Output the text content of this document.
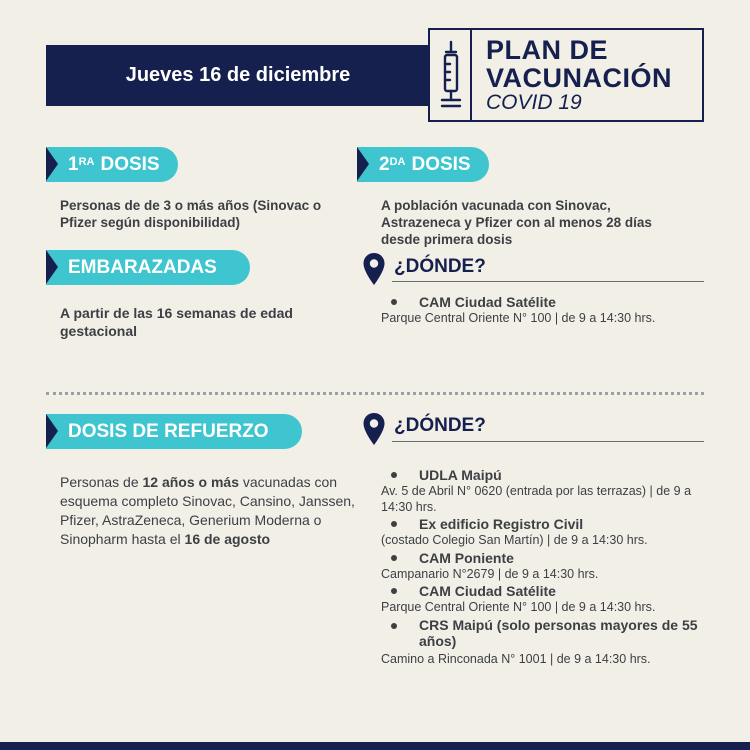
Jueves 16 de diciembre
PLAN DE
VACUNACIÓN
COVID 19
$1^{RA}$ DOSIS
Personas de de 3 o más años (Sinovac o Pfizer según disponibilidad)
$2^{DA}$ DOSIS
A población vacunada con Sinovac, Astrazeneca y Pfizer con al menos 28 días desde primera dosis
EMBARAZADAS
A partir de las 16 semanas de edad gestacional
¿DÓNDE?
CAM Ciudad Satélite
Parque Central Oriente N° 100 | de 9 a 14:30 hrs.
DOSIS DE REFUERZO
Personas de 12 años o más vacunadas con esquema completo Sinovac, Cansino, Janssen, Pfizer, AstraZeneca, Generium Moderna o Sinopharm hasta el 16 de agosto
¿DÓNDE?
UDLA Maipú
Av. 5 de Abril N° 0620 (entrada por las terrazas) | de 9 a 14:30 hrs.
Ex edificio Registro Civil
(costado Colegio San Martín) | de 9 a 14:30 hrs.
CAM Poniente
Campanario N°2679 | de 9 a 14:30 hrs.
CAM Ciudad Satélite
Parque Central Oriente N° 100 | de 9 a 14:30 hrs.
CRS Maipú (solo personas mayores de 55 años)
Camino a Rinconada N° 1001 | de 9 a 14:30 hrs.
